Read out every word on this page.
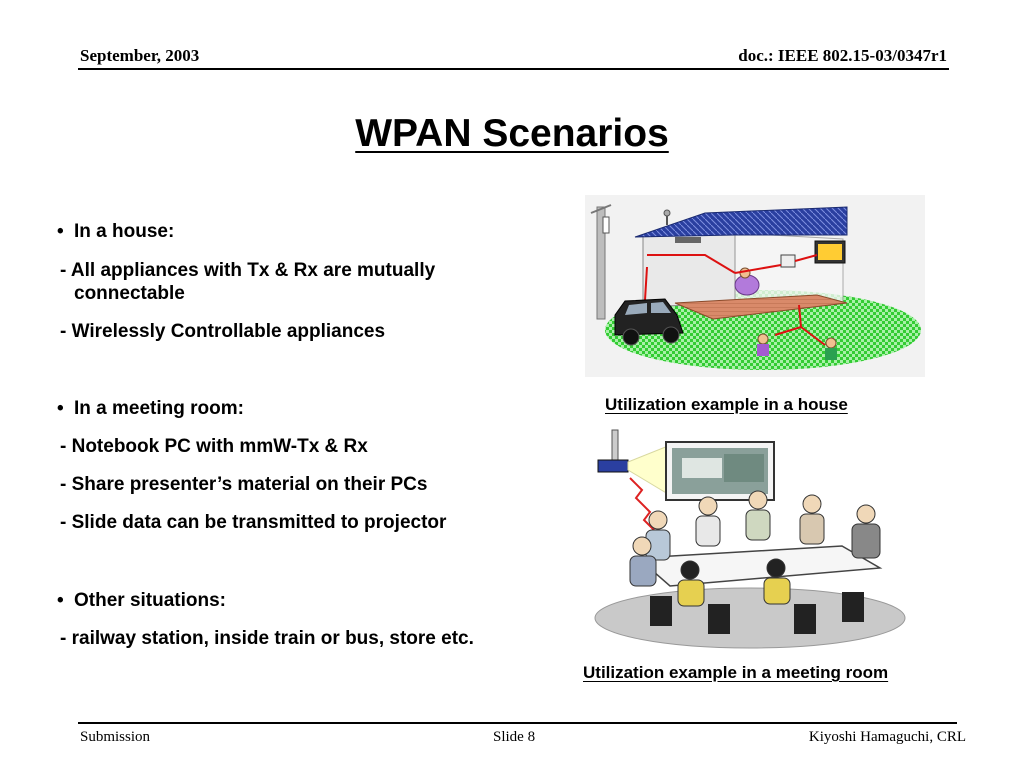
September, 2003	doc.: IEEE 802.15-03/0347r1
WPAN Scenarios
• In a house:
- All appliances with Tx & Rx are mutually connectable
- Wirelessly Controllable appliances
• In a meeting room:
- Notebook PC with mmW-Tx & Rx
- Share presenter’s material on their PCs
- Slide data can be transmitted to projector
• Other situations:
- railway station, inside train or bus, store etc.
Utilization example in a house
Utilization example in a meeting room
Submission	Slide 8	Kiyoshi Hamaguchi, CRL
